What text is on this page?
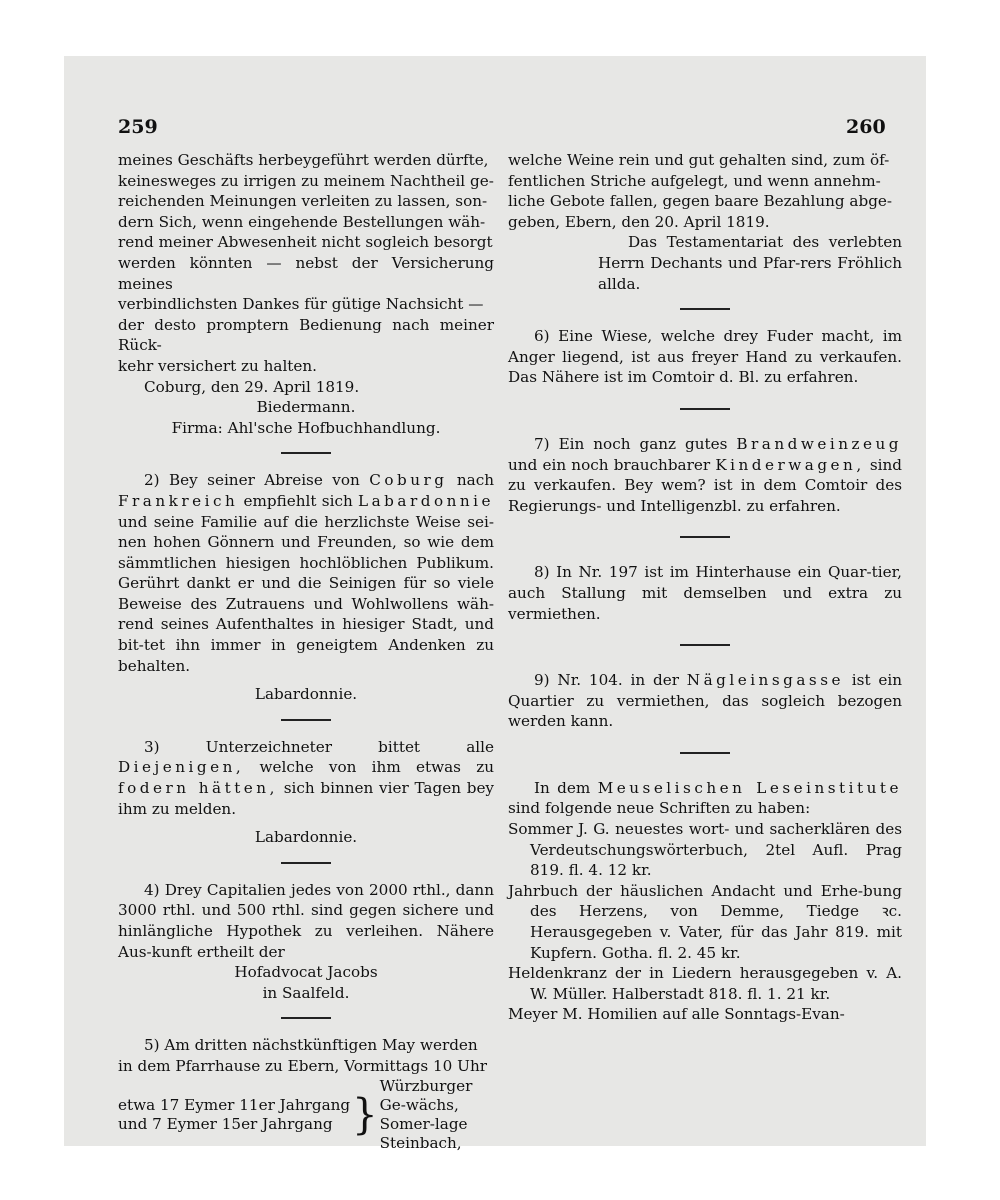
259	260

meines Geschäfts herbeygeführt werden dürfte,

keinesweges zu irrigen zu meinem Nachtheil ge-

reichenden Meinungen verleiten zu lassen, son-

dern Sich, wenn eingehende Bestellungen wäh-

rend meiner Abwesenheit nicht sogleich besorgt

werden könnten — nebst der Versicherung meines

verbindlichsten Dankes für gütige Nachsicht —

der desto promptern Bedienung nach meiner Rück-

kehr versichert zu halten.

Coburg, den 29. April 1819.

Biedermann.

Firma: Ahl'sche Hofbuchhandlung.

2) Bey seiner Abreise von Coburg nach Frankreich empfiehlt sich Labardonnie und seine Familie auf die herzlichste Weise sei-nen hohen Gönnern und Freunden, so wie dem sämmtlichen hiesigen hochlöblichen Publikum. Gerührt dankt er und die Seinigen für so viele Beweise des Zutrauens und Wohlwollens wäh-rend seines Aufenthaltes in hiesiger Stadt, und bit-tet ihn immer in geneigtem Andenken zu behalten.

Labardonnie.

3) Unterzeichneter bittet alle Diejenigen, welche von ihm etwas zu fodern hätten, sich binnen vier Tagen bey ihm zu melden.

Labardonnie.

4) Drey Capitalien jedes von 2000 rthl., dann 3000 rthl. und 500 rthl. sind gegen sichere und hinlängliche Hypothek zu verleihen. Nähere Aus-kunft ertheilt der

Hofadvocat Jacobs

in Saalfeld.

5) Am dritten nächstkünftigen May werden

in dem Pfarrhause zu Ebern, Vormittags 10 Uhr

etwa 17 Eymer 11er Jahrgang
und 7 Eymer 15er Jahrgang }
Würzburger Ge-wächs, Somer-lage Steinbach,

welche Weine rein und gut gehalten sind, zum öf-

fentlichen Striche aufgelegt, und wenn annehm-

liche Gebote fallen, gegen baare Bezahlung abge-

geben, Ebern, den 20. April 1819.

Das Testamentariat des verlebten Herrn Dechants und Pfar-rers Fröhlich allda.

6) Eine Wiese, welche drey Fuder macht, im Anger liegend, ist aus freyer Hand zu verkaufen. Das Nähere ist im Comtoir d. Bl. zu erfahren.

7) Ein noch ganz gutes Brandweinzeug und ein noch brauchbarer Kinderwagen, sind zu verkaufen. Bey wem? ist in dem Comtoir des Regierungs- und Intelligenzbl. zu erfahren.

8) In Nr. 197 ist im Hinterhause ein Quar-tier, auch Stallung mit demselben und extra zu vermiethen.

9) Nr. 104. in der Nägleinsgasse ist ein Quartier zu vermiethen, das sogleich bezogen werden kann.

In dem Meuselischen Leseinstitute sind folgende neue Schriften zu haben:

Sommer J. G. neuestes wort- und sacherklären des Verdeutschungswörterbuch, 2tel Aufl. Prag 819. fl. 4. 12 kr.

Jahrbuch der häuslichen Andacht und Erhe-bung des Herzens, von Demme, Tiedge ꝛc. Herausgegeben v. Vater, für das Jahr 819. mit Kupfern. Gotha. fl. 2. 45 kr.

Heldenkranz der in Liedern herausgegeben v. A. W. Müller. Halberstadt 818. fl. 1. 21 kr.

Meyer M. Homilien auf alle Sonntags-Evan-
